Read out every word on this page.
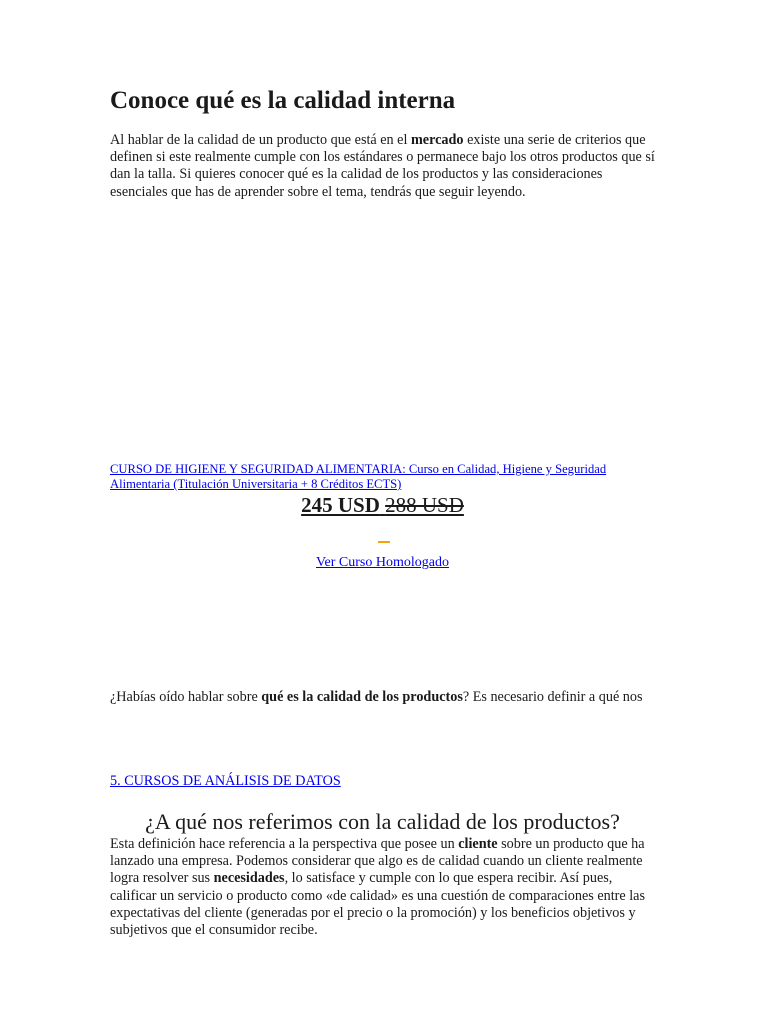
Conoce qué es la calidad interna

Al hablar de la calidad de un producto que está en el mercado existe una serie de criterios que definen si este realmente cumple con los estándares o permanece bajo los otros productos que sí dan la talla. Si quieres conocer qué es la calidad de los productos y las consideraciones esenciales que has de aprender sobre el tema, tendrás que seguir leyendo.

CURSO DE HIGIENE Y SEGURIDAD ALIMENTARIA: Curso en Calidad, Higiene y Seguridad Alimentaria (Titulación Universitaria + 8 Créditos ECTS)
245 USD 288 USD
Ver Curso Homologado

¿Habías oído hablar sobre qué es la calidad de los productos? Es necesario definir a qué nos

5. CURSOS DE ANÁLISIS DE DATOS
¿A qué nos referimos con la calidad de los productos?

Esta definición hace referencia a la perspectiva que posee un cliente sobre un producto que ha lanzado una empresa. Podemos considerar que algo es de calidad cuando un cliente realmente logra resolver sus necesidades, lo satisface y cumple con lo que espera recibir. Así pues, calificar un servicio o producto como «de calidad» es una cuestión de comparaciones entre las expectativas del cliente (generadas por el precio o la promoción) y los beneficios objetivos y subjetivos que el consumidor recibe.
